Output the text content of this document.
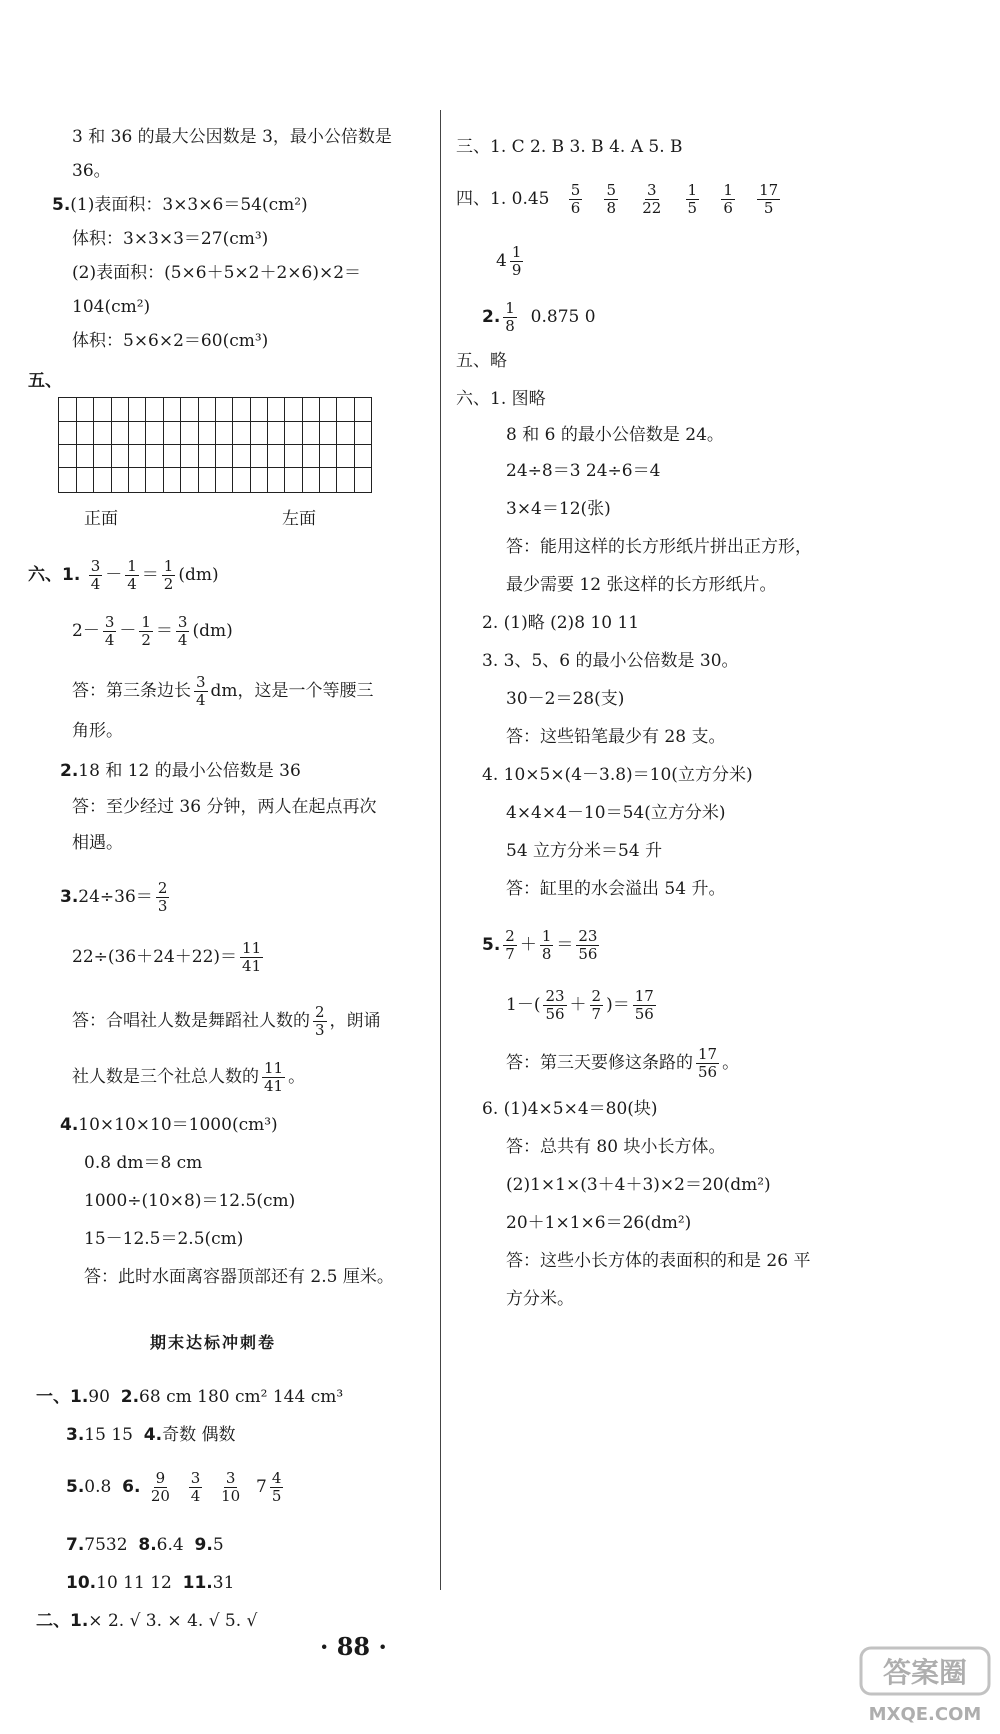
3 和 36 的最大公因数是 3，最小公倍数是
36。
5.(1)表面积：3×3×6＝54(cm²)
体积：3×3×3＝27(cm³)
(2)表面积：(5×6＋5×2＋2×6)×2＝
104(cm²)
体积：5×6×2＝60(cm³)
五、
正面	左面
六、1. $\frac{3}{4} - \frac{1}{4} = \frac{1}{2} (dm)$
$2- \frac{3}{4} - \frac{1}{2} = \frac{3}{4} (dm)$
答：第三条边长 $\frac{3}{4}$ dm，这是一个等腰三
角形。
2.18 和 12 的最小公倍数是 36
答：至少经过 36 分钟，两人在起点再次
相遇。
$3.24\div 36= \frac{2}{3}$
$22\div(36+24+22)= \frac{11}{41}$
答：合唱社人数是舞蹈社人数的 $\frac{2}{3}$ ，朗诵
社人数是三个社总人数的 $\frac{11}{41}$ 。
4.10×10×10＝1000(cm³)
0.8 dm＝8 cm
1000÷(10×8)＝12.5(cm)
15－12.5＝2.5(cm)
答：此时水面离容器顶部还有 2.5 厘米。
期末达标冲刺卷
一、1.90 2.68 cm 180 cm² 144 cm³
3.15 15 4.奇数 偶数
5.0.8 6. $\frac{9}{20}$
$\frac{3}{4}$
$\frac{3}{10} 7 \frac{4}{5}$
7.7532 8.6.4 9.5
10.10 11 12 11.31
二、1.× 2. √ 3. × 4. √ 5. √
三、1. C 2. B 3. B 4. A 5. B
四、1. $0.45 \frac{5}{6}$
$\frac{5}{8}$
$\frac{3}{22}$
$\frac{1}{5}$
$\frac{1}{6}$
$\frac{17}{5}$
$4 \frac{1}{9}$
2. $\frac{1}{8} 0.875$ 0
五、略
六、1. 图略
8 和 6 的最小公倍数是 24。
24÷8＝3 24÷6＝4
3×4＝12(张)
答：能用这样的长方形纸片拼出正方形，
最少需要 12 张这样的长方形纸片。
2. (1)略 (2)8 10 11
3. 3、5、6 的最小公倍数是 30。
30－2＝28(支)
答：这些铅笔最少有 28 支。
4. 10×5×(4－3.8)＝10(立方分米)
4×4×4－10＝54(立方分米)
54 立方分米＝54 升
答：缸里的水会溢出 54 升。
5. $\frac{2}{7} + \frac{1}{8} = \frac{23}{56}$
$1-( \frac{23}{56} + \frac{2}{7}$ )＝ $\frac{17}{56}$
答：第三天要修这条路的 $\frac{17}{56}$ 。
6. (1)4×5×4＝80(块)
答：总共有 80 块小长方体。
(2)1×1×(3＋4＋3)×2＝20(dm²)
20＋1×1×6＝26(dm²)
答：这些小长方体的表面积的和是 26 平
方分米。
· 88 ·
答案圈
MXQE.COM
